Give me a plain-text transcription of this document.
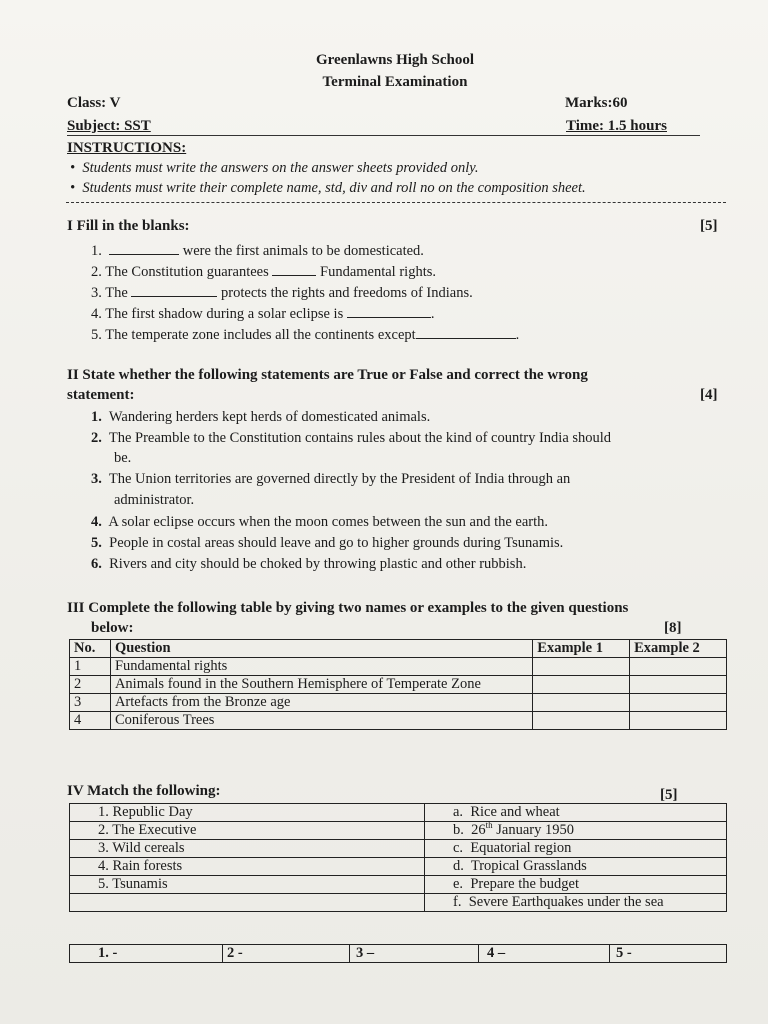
Greenlawns High School
Terminal Examination
Class: V	Marks:60
Subject: SST	Time: 1.5 hours
INSTRUCTIONS:
•  Students must write the answers on the answer sheets provided only.
•  Students must write their complete name, std, div and roll no on the composition sheet.
I Fill in the blanks:	[5]
1.	were the first animals to be domesticated.
2. The Constitution guarantees	Fundamental rights.
3. The	protects the rights and freedoms of Indians.
4. The first shadow during a solar eclipse is	.
5. The temperate zone includes all the continents except	.
II State whether the following statements are True or False and correct the wrong
statement:	[4]
1. Wandering herders kept herds of domesticated animals.
2. The Preamble to the Constitution contains rules about the kind of country India should
be.
3. The Union territories are governed directly by the President of India through an
administrator.
4. A solar eclipse occurs when the moon comes between the sun and the earth.
5. People in costal areas should leave and go to higher grounds during Tsunamis.
6. Rivers and city should be choked by throwing plastic and other rubbish.
III Complete the following table by giving two names or examples to the given questions
below:	[8]
No.	Question	Example 1	Example 2
1	Fundamental rights		
2	Animals found in the Southern Hemisphere of Temperate Zone		
3	Artefacts from the Bronze age		
4	Coniferous Trees		
IV Match the following:	[5]
1. Republic Day	a. Rice and wheat
2. The Executive	b. 26th January 1950
3. Wild cereals	c. Equatorial region
4. Rain forests	d. Tropical Grasslands
5. Tsunamis	e. Prepare the budget
	f. Severe Earthquakes under the sea
1. -	2 -	3 –	4 –	5 -
